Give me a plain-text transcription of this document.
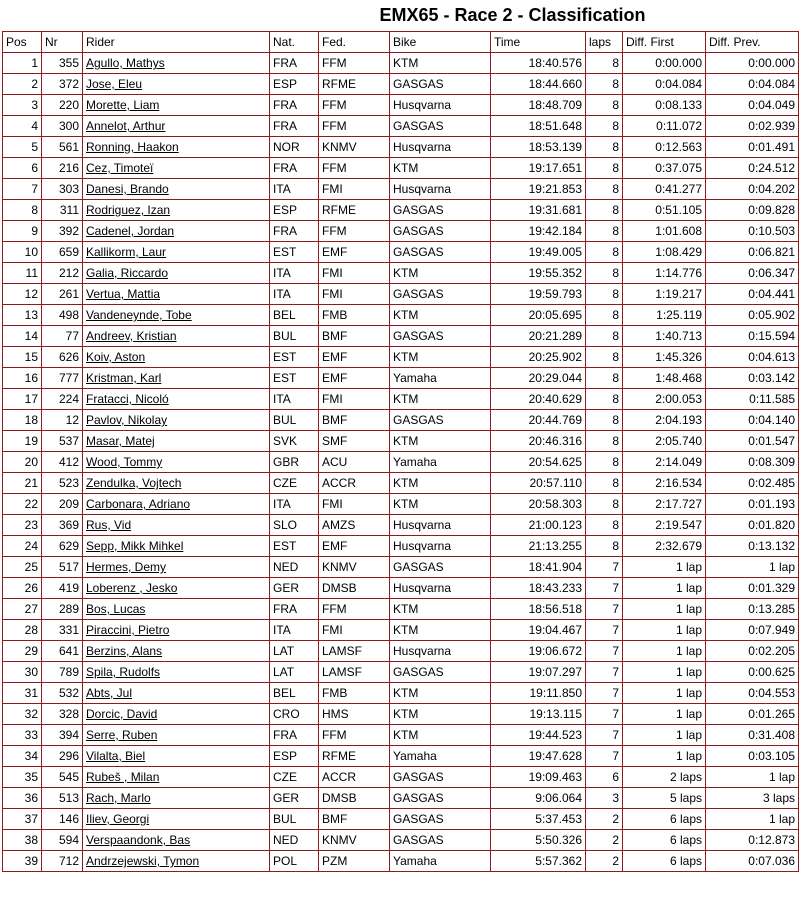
EMX65 - Race 2 - Classification
Pos	Nr	Rider	Nat.	Fed.	Bike	Time	laps	Diff. First	Diff. Prev.
1	355	Agullo, Mathys	FRA	FFM	KTM	18:40.576	8	0:00.000	0:00.000
2	372	Jose, Eleu	ESP	RFME	GASGAS	18:44.660	8	0:04.084	0:04.084
3	220	Morette, Liam	FRA	FFM	Husqvarna	18:48.709	8	0:08.133	0:04.049
4	300	Annelot, Arthur	FRA	FFM	GASGAS	18:51.648	8	0:11.072	0:02.939
5	561	Ronning, Haakon	NOR	KNMV	Husqvarna	18:53.139	8	0:12.563	0:01.491
6	216	Cez, Timoteï	FRA	FFM	KTM	19:17.651	8	0:37.075	0:24.512
7	303	Danesi, Brando	ITA	FMI	Husqvarna	19:21.853	8	0:41.277	0:04.202
8	311	Rodriguez, Izan	ESP	RFME	GASGAS	19:31.681	8	0:51.105	0:09.828
9	392	Cadenel, Jordan	FRA	FFM	GASGAS	19:42.184	8	1:01.608	0:10.503
10	659	Kallikorm, Laur	EST	EMF	GASGAS	19:49.005	8	1:08.429	0:06.821
11	212	Galia, Riccardo	ITA	FMI	KTM	19:55.352	8	1:14.776	0:06.347
12	261	Vertua, Mattia	ITA	FMI	GASGAS	19:59.793	8	1:19.217	0:04.441
13	498	Vandeneynde, Tobe	BEL	FMB	KTM	20:05.695	8	1:25.119	0:05.902
14	77	Andreev, Kristian	BUL	BMF	GASGAS	20:21.289	8	1:40.713	0:15.594
15	626	Koiv, Aston	EST	EMF	KTM	20:25.902	8	1:45.326	0:04.613
16	777	Kristman, Karl	EST	EMF	Yamaha	20:29.044	8	1:48.468	0:03.142
17	224	Fratacci, Nicoló	ITA	FMI	KTM	20:40.629	8	2:00.053	0:11.585
18	12	Pavlov, Nikolay	BUL	BMF	GASGAS	20:44.769	8	2:04.193	0:04.140
19	537	Masar, Matej	SVK	SMF	KTM	20:46.316	8	2:05.740	0:01.547
20	412	Wood, Tommy	GBR	ACU	Yamaha	20:54.625	8	2:14.049	0:08.309
21	523	Zendulka, Vojtech	CZE	ACCR	KTM	20:57.110	8	2:16.534	0:02.485
22	209	Carbonara, Adriano	ITA	FMI	KTM	20:58.303	8	2:17.727	0:01.193
23	369	Rus, Vid	SLO	AMZS	Husqvarna	21:00.123	8	2:19.547	0:01.820
24	629	Sepp, Mikk Mihkel	EST	EMF	Husqvarna	21:13.255	8	2:32.679	0:13.132
25	517	Hermes, Demy	NED	KNMV	GASGAS	18:41.904	7	1 lap	1 lap
26	419	Loberenz , Jesko	GER	DMSB	Husqvarna	18:43.233	7	1 lap	0:01.329
27	289	Bos, Lucas	FRA	FFM	KTM	18:56.518	7	1 lap	0:13.285
28	331	Piraccini, Pietro	ITA	FMI	KTM	19:04.467	7	1 lap	0:07.949
29	641	Berzins, Alans	LAT	LAMSF	Husqvarna	19:06.672	7	1 lap	0:02.205
30	789	Spila, Rudolfs	LAT	LAMSF	GASGAS	19:07.297	7	1 lap	0:00.625
31	532	Abts, Jul	BEL	FMB	KTM	19:11.850	7	1 lap	0:04.553
32	328	Dorcic, David	CRO	HMS	KTM	19:13.115	7	1 lap	0:01.265
33	394	Serre, Ruben	FRA	FFM	KTM	19:44.523	7	1 lap	0:31.408
34	296	Vilalta, Biel	ESP	RFME	Yamaha	19:47.628	7	1 lap	0:03.105
35	545	Rubeš , Milan	CZE	ACCR	GASGAS	19:09.463	6	2 laps	1 lap
36	513	Rach, Marlo	GER	DMSB	GASGAS	9:06.064	3	5 laps	3 laps
37	146	Iliev, Georgi	BUL	BMF	GASGAS	5:37.453	2	6 laps	1 lap
38	594	Verspaandonk, Bas	NED	KNMV	GASGAS	5:50.326	2	6 laps	0:12.873
39	712	Andrzejewski, Tymon	POL	PZM	Yamaha	5:57.362	2	6 laps	0:07.036
